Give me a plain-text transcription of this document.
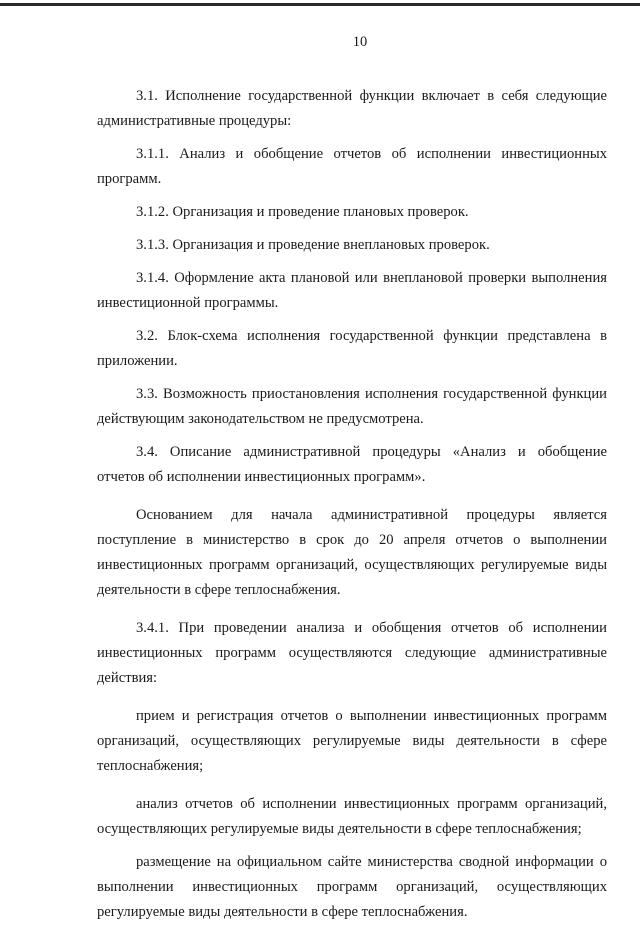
10

3.1. Исполнение государственной функции включает в себя следующие административные процедуры:

3.1.1. Анализ и обобщение отчетов об исполнении инвестиционных программ.

3.1.2. Организация и проведение плановых проверок.

3.1.3. Организация и проведение внеплановых проверок.

3.1.4. Оформление акта плановой или внеплановой проверки выполнения инвестиционной программы.

3.2. Блок-схема исполнения государственной функции представлена в приложении.

3.3. Возможность приостановления исполнения государственной функции действующим законодательством не предусмотрена.

3.4. Описание административной процедуры «Анализ и обобщение отчетов об исполнении инвестиционных программ».

Основанием для начала административной процедуры является поступление в министерство в срок до 20 апреля отчетов о выполнении инвестиционных программ организаций, осуществляющих регулируемые виды деятельности в сфере теплоснабжения.

3.4.1. При проведении анализа и обобщения отчетов об исполнении инвестиционных программ осуществляются следующие административные действия:

прием и регистрация отчетов о выполнении инвестиционных программ организаций, осуществляющих регулируемые виды деятельности в сфере теплоснабжения;

анализ отчетов об исполнении инвестиционных программ организаций, осуществляющих регулируемые виды деятельности в сфере теплоснабжения;

размещение на официальном сайте министерства сводной информации о выполнении инвестиционных программ организаций, осуществляющих регулируемые виды деятельности в сфере теплоснабжения.
